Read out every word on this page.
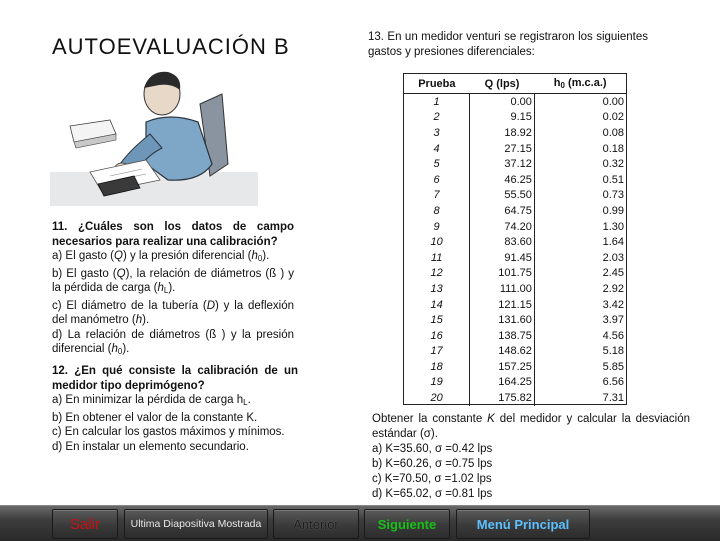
AUTOEVALUACIÓN B
11. ¿Cuáles son los datos de campo necesarios para realizar una calibración?
a) El gasto (Q) y la presión diferencial $(h_0)$.
b) El gasto (Q), la relación de diámetros (ß ) y la pérdida de carga $(h_L)$.
c) El diámetro de la tubería (D) y la deflexión del manómetro (h).
d) La relación de diámetros (ß ) y la presión diferencial $(h_0)$.
12. ¿En qué consiste la calibración de un medidor tipo deprimógeno?
a) En minimizar la pérdida de carga $h_L$.
b) En obtener el valor de la constante K.
c) En calcular los gastos máximos y mínimos.
d) En instalar un elemento secundario.
13. En un medidor venturi se registraron los siguientes gastos y presiones diferenciales:
Prueba	Q (lps)	$h_0$ (m.c.a.)
1	0.00	0.00
2	9.15	0.02
3	18.92	0.08
4	27.15	0.18
5	37.12	0.32
6	46.25	0.51
7	55.50	0.73
8	64.75	0.99
9	74.20	1.30
10	83.60	1.64
11	91.45	2.03
12	101.75	2.45
13	111.00	2.92
14	121.15	3.42
15	131.60	3.97
16	138.75	4.56
17	148.62	5.18
18	157.25	5.85
19	164.25	6.56
20	175.82	7.31
Obtener la constante K del medidor y calcular la desviación estándar (σ).
a) K=35.60, σ =0.42 lps
b) K=60.26, σ =0.75 lps
c) K=70.50, σ =1.02 lps
d) K=65.02, σ =0.81 lps
Salir	Ultima Diapositiva Mostrada	Anterior	Siguiente	Menú Principal
